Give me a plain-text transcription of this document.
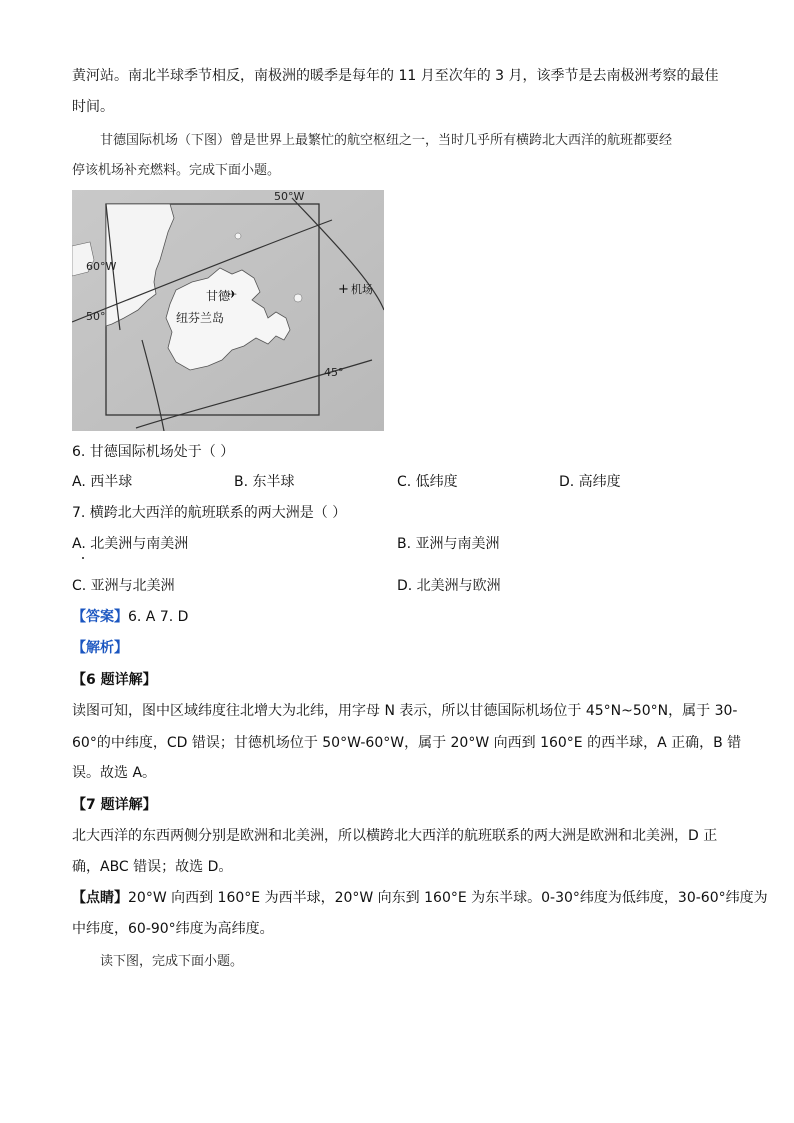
黄河站。南北半球季节相反，南极洲的暖季是每年的 11 月至次年的 3 月，该季节是去南极洲考察的最佳
时间。
甘德国际机场（下图）曾是世界上最繁忙的航空枢纽之一，当时几乎所有横跨北大西洋的航班都要经
停该机场补充燃料。完成下面小题。
50°W
60°W
50°
45°
甘德
✈
纽芬兰岛
+ 机场
6. 甘德国际机场处于（ ）
A. 西半球	B. 东半球	C. 低纬度	D. 高纬度
7. 横跨北大西洋的航班联系的两大洲是（ ）
A. 北美洲与南美洲	B. 亚洲与南美洲
C. 亚洲与北美洲	D. 北美洲与欧洲
【答案】6. A 7. D
【解析】
【6 题详解】
读图可知，图中区域纬度往北增大为北纬，用字母 N 表示，所以甘德国际机场位于 45°N~50°N，属于 30-
60°的中纬度，CD 错误；甘德机场位于 50°W-60°W，属于 20°W 向西到 160°E 的西半球，A 正确，B 错
误。故选 A。
【7 题详解】
北大西洋的东西两侧分别是欧洲和北美洲，所以横跨北大西洋的航班联系的两大洲是欧洲和北美洲，D 正
确，ABC 错误；故选 D。
【点睛】20°W 向西到 160°E 为西半球，20°W 向东到 160°E 为东半球。0-30°纬度为低纬度，30-60°纬度为
中纬度，60-90°纬度为高纬度。
读下图，完成下面小题。
